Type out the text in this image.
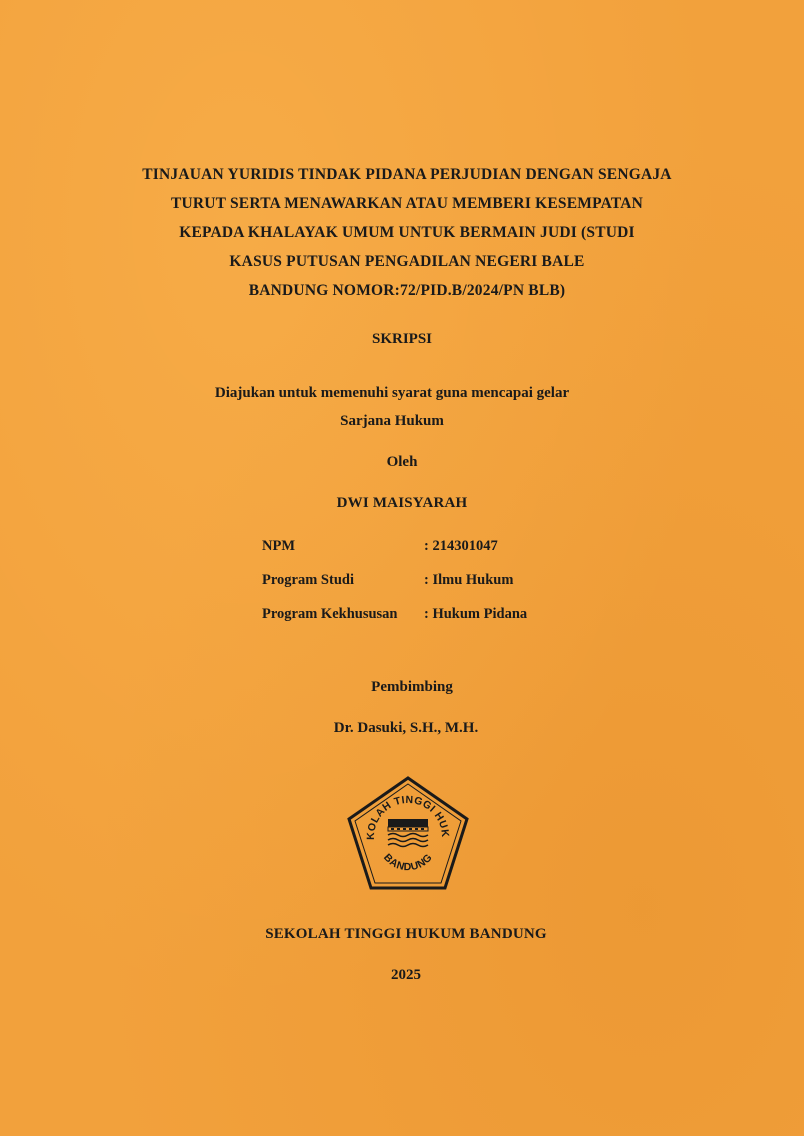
TINJAUAN YURIDIS TINDAK PIDANA PERJUDIAN DENGAN SENGAJA
TURUT SERTA MENAWARKAN ATAU MEMBERI KESEMPATAN
KEPADA KHALAYAK UMUM UNTUK BERMAIN JUDI (STUDI
KASUS PUTUSAN PENGADILAN NEGERI BALE
BANDUNG NOMOR:72/PID.B/2024/PN BLB)
SKRIPSI
Diajukan untuk memenuhi syarat guna mencapai gelar
Sarjana Hukum
Oleh
DWI MAISYARAH
NPM	: 214301047
Program Studi	: Ilmu Hukum
Program Kekhususan	: Hukum Pidana
Pembimbing
Dr. Dasuki, S.H., M.H.
KOLAH TINGGI HUK
BANDUNG
SEKOLAH TINGGI HUKUM BANDUNG
2025
